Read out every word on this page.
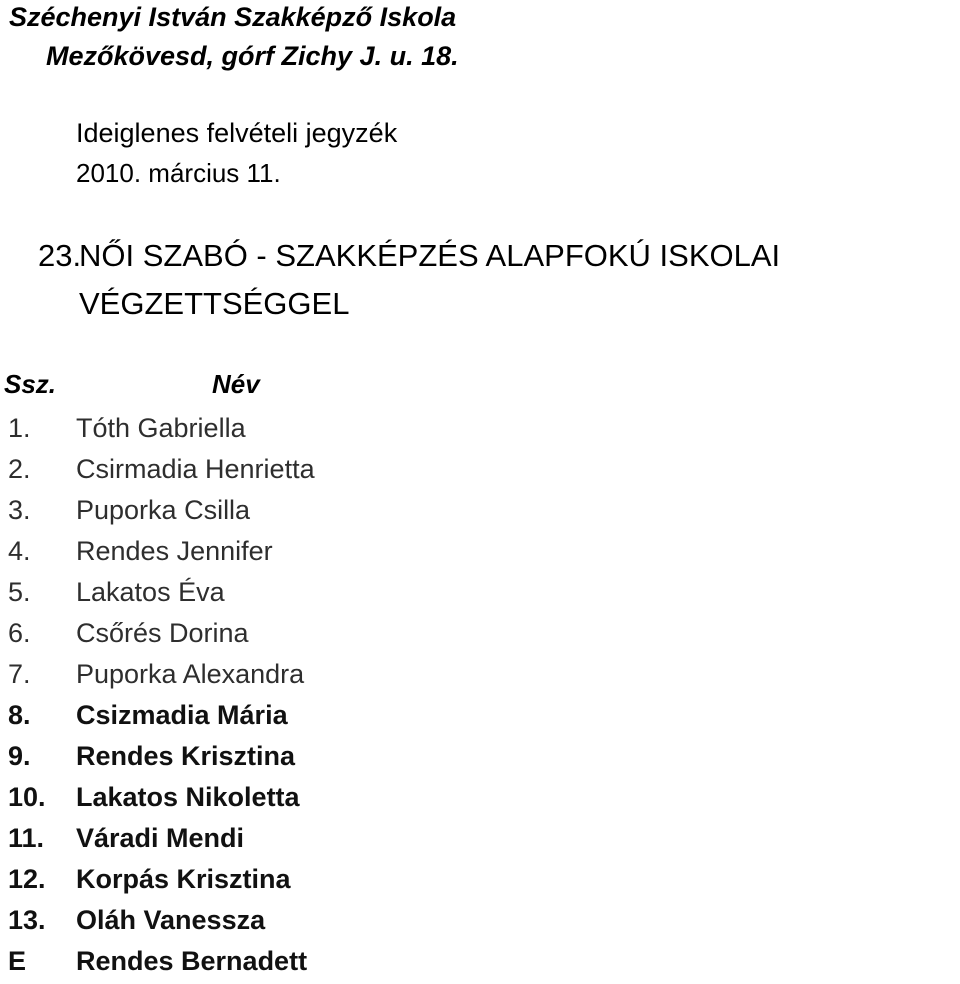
Széchenyi István Szakképző Iskola
Mezőkövesd, górf Zichy J. u. 18.
Ideiglenes felvételi jegyzék
2010. március 11.
23.
NŐI SZABÓ - SZAKKÉPZÉS ALAPFOKÚ ISKOLAI VÉGZETTSÉGGEL
Ssz.	Név
1. Tóth Gabriella
2. Csirmadia Henrietta
3. Puporka Csilla
4. Rendes Jennifer
5. Lakatos Éva
6. Csőrés Dorina
7. Puporka Alexandra
8. Csizmadia Mária
9. Rendes Krisztina
10. Lakatos Nikoletta
11. Váradi Mendi
12. Korpás Krisztina
13. Oláh Vanessza
E Rendes Bernadett
